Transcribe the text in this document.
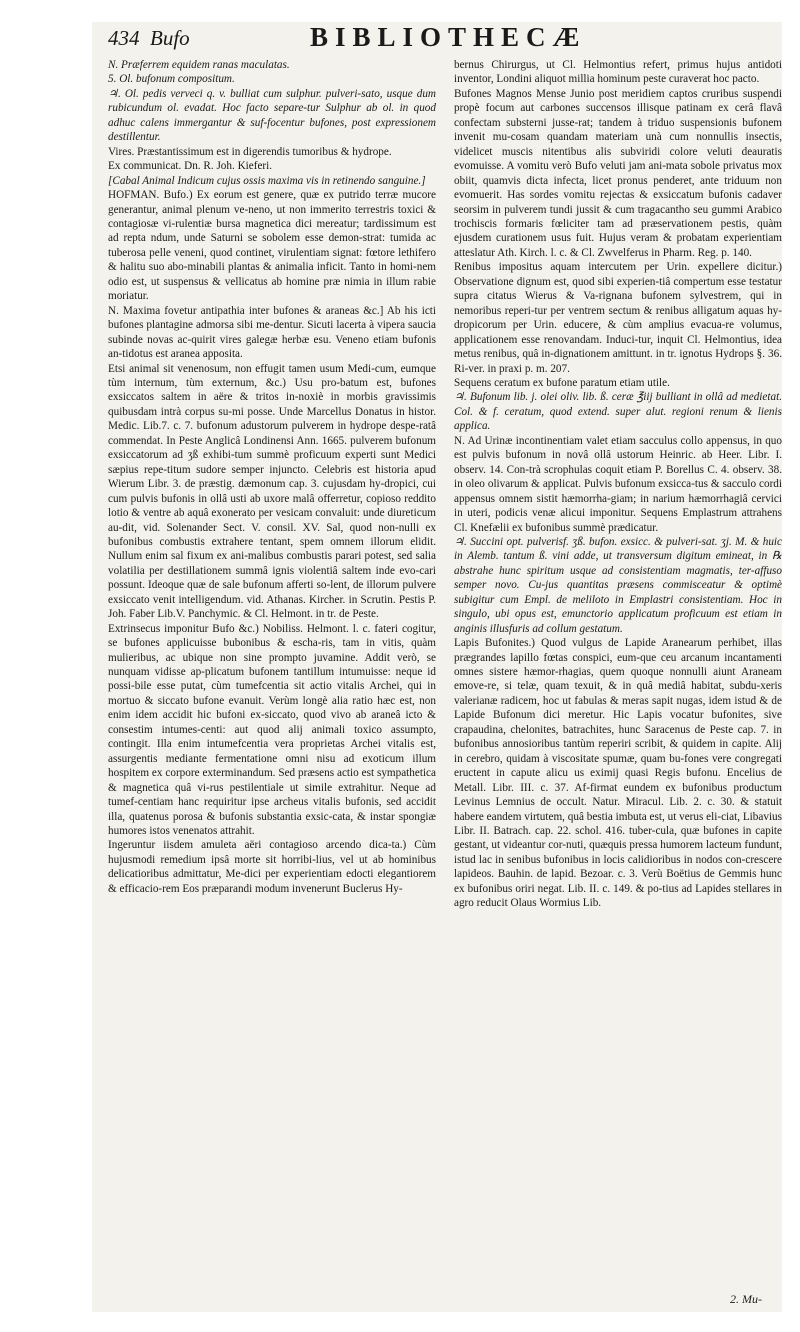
434 Bufo	BIBLIOTHECÆ

N. Præferrem equidem ranas maculatas.

5. Ol. bufonum compositum.

♃. Ol. pedis verveci q. v. bulliat cum sulphur. pulveri-sato, usque dum rubicundum ol. evadat. Hoc facto separe-tur Sulphur ab ol. in quod adhuc calens immergantur & suf-focentur bufones, post expressionem destillentur.

Vires. Præstantissimum est in digerendis tumoribus & hydrope.

Ex communicat. Dn. R. Joh. Kieferi.

[Cabal Animal Indicum cujus ossis maxima vis in retinendo sanguine.]

HOFMAN. Bufo.) Ex eorum est genere, quæ ex putrido terræ mucore generantur, animal plenum ve-neno, ut non immerito terrestris toxici & contagiosæ vi-rulentiæ bursa magnetica dici mereatur; tardissimum est ad repta ndum, unde Saturni se sobolem esse demon-strat: tumida ac tuberosa pelle veneni, quod continet, virulentiam signat: fœtore lethifero & halitu suo abo-minabili plantas & animalia inficit. Tanto in homi-nem odio est, ut suspensus & vellicatus ab homine præ nimia in illum rabie moriatur.

N. Maxima fovetur antipathia inter bufones & araneas &c.] Ab his icti bufones plantagine admorsa sibi me-dentur. Sicuti lacerta à vipera saucia subinde novas ac-quirit vires galegæ herbæ esu. Veneno etiam bufonis an-tidotus est aranea apposita.

Etsi animal sit venenosum, non effugit tamen usum Medi-cum, eumque tùm internum, tùm externum, &c.) Usu pro-batum est, bufones exsiccatos saltem in aëre & tritos in-noxiè in morbis gravissimis quibusdam intrà corpus su-mi posse. Unde Marcellus Donatus in histor. Medic. Lib.7. c. 7. bufonum adustorum pulverem in hydrope despe-ratâ commendat. In Peste Anglicâ Londinensi Ann. 1665. pulverem bufonum exsiccatorum ad ʒß exhibi-tum summè proficuum experti sunt Medici sæpius repe-titum sudore semper injuncto. Celebris est historia apud Wierum Libr. 3. de præstig. dæmonum cap. 3. cujusdam hy-dropici, cui cum pulvis bufonis in ollâ usti ab uxore malâ offerretur, copioso reddito lotio & ventre ab aquâ exonerato per vesicam convaluit: unde diureticum au-dit, vid. Solenander Sect. V. consil. XV. Sal, quod non-nulli ex bufonibus combustis extrahere tentant, spem omnem illorum elidit. Nullum enim sal fixum ex ani-malibus combustis parari potest, sed salia volatilia per destillationem summâ ignis violentiâ saltem inde evo-cari possunt. Ideoque quæ de sale bufonum afferti so-lent, de illorum pulvere exsiccato venit intelligendum. vid. Athanas. Kircher. in Scrutin. Pestis P. Joh. Faber Lib.V. Panchymic. & Cl. Helmont. in tr. de Peste.

Extrinsecus imponitur Bufo &c.) Nobiliss. Helmont. l. c. fateri cogitur, se bufones applicuisse bubonibus & escha-ris, tam in vitis, quàm mulieribus, ac ubique non sine prompto juvamine. Addit verò, se nunquam vidisse ap-plicatum bufonem tantillum intumuisse: neque id possi-bile esse putat, cùm tumefcentia sit actio vitalis Archei, qui in mortuo & siccato bufone evanuit. Verùm longè alia ratio hæc est, non enim idem accidit hic bufoni ex-siccato, quod vivo ab araneâ icto & consestim intumes-centi: aut quod alij animali toxico assumpto, contingit. Illa enim intumefcentia vera proprietas Archei vitalis est, assurgentis mediante fermentatione omni nisu ad exoticum illum hospitem ex corpore exterminandum. Sed præsens actio est sympathetica & magnetica quâ vi-rus pestilentiale ut simile extrahitur. Neque ad tumef-centiam hanc requiritur ipse archeus vitalis bufonis, sed accidit illa, quatenus porosa & bufonis substantia exsic-cata, & instar spongiæ humores istos venenatos attrahit.

Ingeruntur iisdem amuleta aëri contagioso arcendo dica-ta.) Cùm hujusmodi remedium ipsâ morte sit horribi-lius, vel ut ab hominibus delicatioribus admittatur, Me-dici per experientiam edocti elegantiorem & efficacio-rem Eos præparandi modum invenerunt Buclerus Hy-

bernus Chirurgus, ut Cl. Helmontius refert, primus hujus antidoti inventor, Londini aliquot millia hominum peste curaverat hoc pacto.

Bufones Magnos Mense Junio post meridiem captos cruribus suspendi propè focum aut carbones succensos illisque patinam ex cerâ flavâ confectam substerni jusse-rat; tandem à triduo suspensionis bufonem invenit mu-cosam quandam materiam unà cum nonnullis insectis, videlicet muscis nitentibus alis subviridi colore veluti deauratis evomuisse. A vomitu verò Bufo veluti jam ani-mata sobole privatus mox obiit, quamvis dicta infecta, licet pronus penderet, ante triduum non evomuerit. Has sordes vomitu rejectas & exsiccatum bufonis cadaver seorsim in pulverem tundi jussit & cum tragacantho seu gummi Arabico trochiscis formaris fœliciter tam ad præservationem pestis, quàm ejusdem curationem usus fuit. Hujus veram & probatam experientiam atteslatur Ath. Kirch. l. c. & Cl. Zwvelferus in Pharm. Reg. p. 140.

Renibus impositus aquam intercutem per Urin. expellere dicitur.) Observatione dignum est, quod sibi experien-tiâ compertum esse testatur supra citatus Wierus & Va-rignana bufonem sylvestrem, qui in nemoribus reperi-tur per ventrem sectum & renibus alligatum aquas hy-dropicorum per Urin. educere, & cùm amplius evacua-re volumus, applicationem esse renovandam. Induci-tur, inquit Cl. Helmontius, idea metus renibus, quâ in-dignationem amittunt. in tr. ignotus Hydrops §. 36. Ri-ver. in praxi p. m. 207.

Sequens ceratum ex bufone paratum etiam utile.

♃. Bufonum lib. j. olei oliv. lib. ß. ceræ ℥iij bulliant in ollâ ad medietat. Col. & f. ceratum, quod extend. super alut. regioni renum & lienis applica.

N. Ad Urinæ incontinentiam valet etiam sacculus collo appensus, in quo est pulvis bufonum in novâ ollâ ustorum Heinric. ab Heer. Libr. I. observ. 14. Con-trà scrophulas coquit etiam P. Borellus C. 4. observ. 38. in oleo olivarum & applicat. Pulvis bufonum exsicca-tus & sacculo cordi appensus omnem sistit hæmorrha-giam; in narium hæmorrhagiâ cervici in uteri, podicis venæ alicui imponitur. Sequens Emplastrum attrahens Cl. Knefælii ex bufonibus summè prædicatur.

♃. Succini opt. pulverisf. ʒß. bufon. exsicc. & pulveri-sat. ʒj. M. & huic in Alemb. tantum ß. vini adde, ut transversum digitum emineat, in ℞ abstrahe hunc spiritum usque ad consistentiam magmatis, ter-affuso semper novo. Cu-jus quantitas præsens commisceatur & optimè subigitur cum Empl. de meliloto in Emplastri consistentiam. Hoc in singulo, ubi opus est, emunctorio applicatum proficuum est etiam in anginis illusfuris ad collum gestatum.

Lapis Bufonites.) Quod vulgus de Lapide Aranearum perhibet, illas prægrandes lapillo fœtas conspici, eum-que ceu arcanum incantamenti omnes sistere hæmor-rhagias, quem quoque nonnulli aiunt Araneam emove-re, si telæ, quam texuit, & in quâ mediâ habitat, subdu-xeris valerianæ radicem, hoc ut fabulas & meras sapit nugas, idem istud & de Lapide Bufonum dici meretur. Hic Lapis vocatur bufonites, sive crapaudina, chelonites, batrachites, hunc Saracenus de Peste cap. 7. in bufonibus annosioribus tantùm reperiri scribit, & quidem in capite. Alij in cerebro, quidam à viscositate spumæ, quam bu-fones vere congregati eructent in capute alicu us eximij quasi Regis bufonu. Encelius de Metall. Libr. III. c. 37. Af-firmat eundem ex bufonibus productum Levinus Lemnius de occult. Natur. Miracul. Lib. 2. c. 30. & statuit habere eandem virtutem, quâ bestia imbuta est, ut verus eli-ciat, Libavius Libr. II. Batrach. cap. 22. schol. 416. tuber-cula, quæ bufones in capite gestant, ut videantur cor-nuti, quæquis pressa humorem lacteum fundunt, istud lac in senibus bufonibus in locis calidioribus in nodos con-crescere lapideos. Bauhin. de lapid. Bezoar. c. 3. Verù Boëtius de Gemmis hunc ex bufonibus oriri negat. Lib. II. c. 149. & po-tius ad Lapides stellares in agro reducit Olaus Wormius Lib.

2. Mu-
